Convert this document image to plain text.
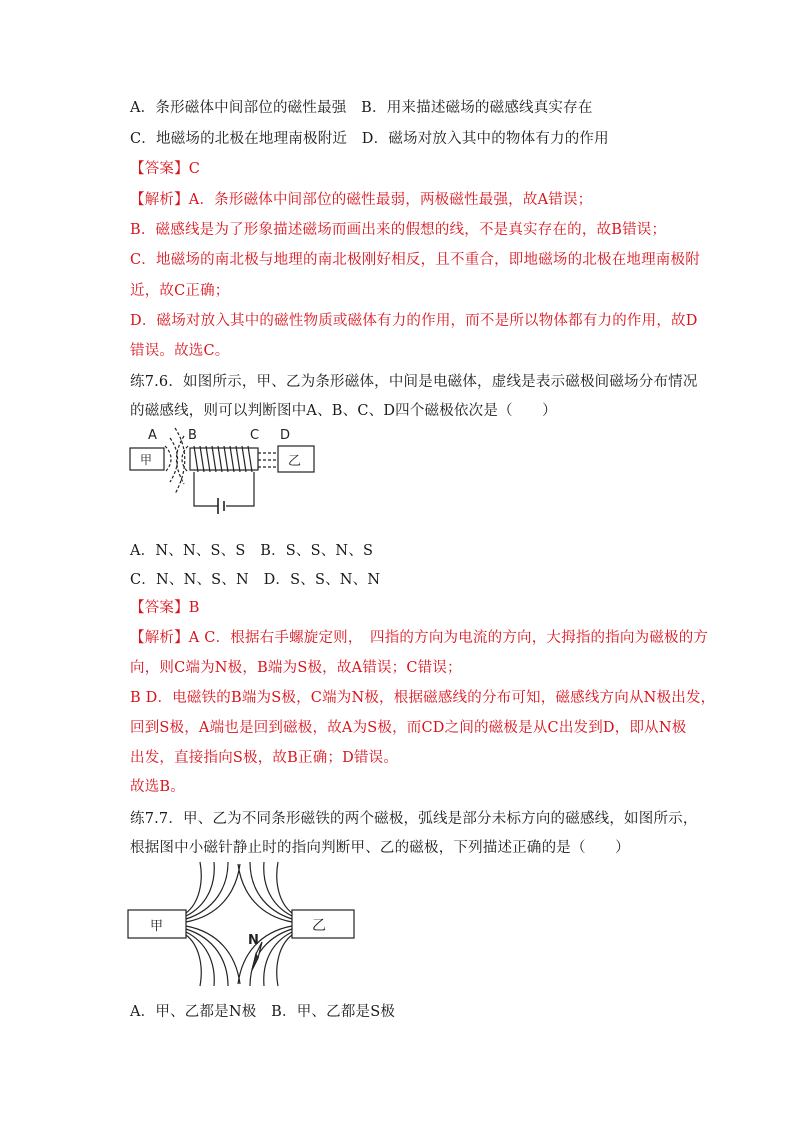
A．条形磁体中间部位的磁性最强　B．用来描述磁场的磁感线真实存在
C．地磁场的北极在地理南极附近　D．磁场对放入其中的物体有力的作用
【答案】C
【解析】A．条形磁体中间部位的磁性最弱，两极磁性最强，故A错误；
B．磁感线是为了形象描述磁场而画出来的假想的线，不是真实存在的，故B错误；
C．地磁场的南北极与地理的南北极刚好相反，且不重合，即地磁场的北极在地理南极附
近，故C正确；
D．磁场对放入其中的磁性物质或磁体有力的作用，而不是所以物体都有力的作用，故D
错误。故选C。
练7.6．如图所示，甲、乙为条形磁体，中间是电磁体，虚线是表示磁极间磁场分布情况
的磁感线，则可以判断图中A、B、C、D四个磁极依次是（　　）
A B	C D
甲	乙
A．N、N、S、S　B．S、S、N、S
C．N、N、S、N　D．S、S、N、N
【答案】B
【解析】A C．根据右手螺旋定则，　四指的方向为电流的方向，大拇指的指向为磁极的方
向，则C端为N极，B端为S极，故A错误；C错误；
B D．电磁铁的B端为S极，C端为N极，根据磁感线的分布可知，磁感线方向从N极出发，
回到S极，A端也是回到磁极，故A为S极，而CD之间的磁极是从C出发到D，即从N极
出发，直接指向S极，故B正确；D错误。
故选B。
练7.7．甲、乙为不同条形磁铁的两个磁极，弧线是部分未标方向的磁感线，如图所示，
根据图中小磁针静止时的指向判断甲、乙的磁极，下列描述正确的是（　　）
甲	乙
N
A．甲、乙都是N极　B．甲、乙都是S极
